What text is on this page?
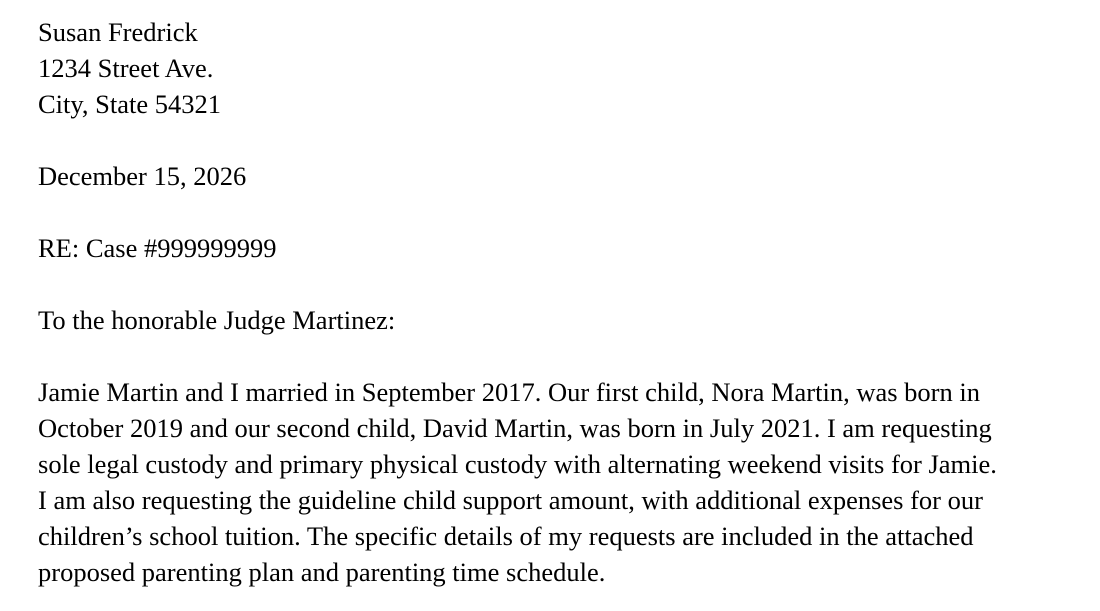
Susan Fredrick
1234 Street Ave.
City, State 54321
December 15, 2026
RE: Case #999999999
To the honorable Judge Martinez:
Jamie Martin and I married in September 2017. Our first child, Nora Martin, was born in
October 2019 and our second child, David Martin, was born in July 2021. I am requesting
sole legal custody and primary physical custody with alternating weekend visits for Jamie.
I am also requesting the guideline child support amount, with additional expenses for our
children’s school tuition. The specific details of my requests are included in the attached
proposed parenting plan and parenting time schedule.
